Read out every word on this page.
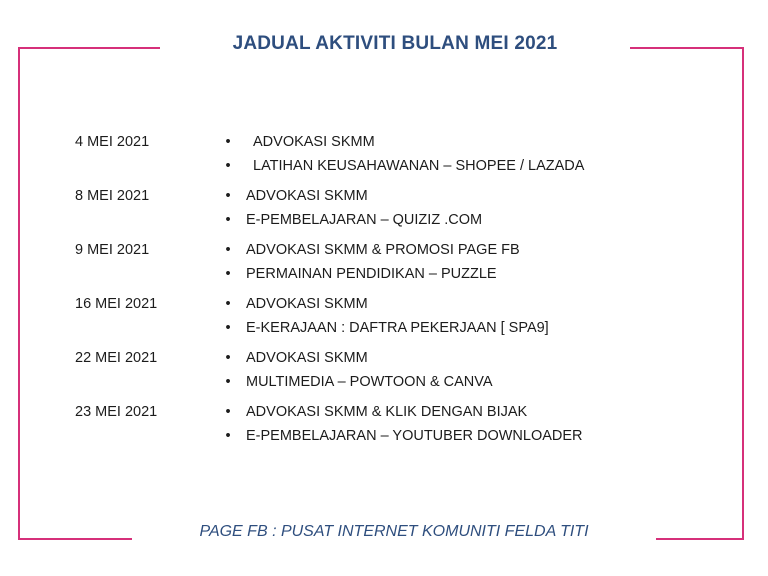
JADUAL AKTIVITI BULAN MEI 2021
4 MEI 2021	• ADVOKASI SKMM
• LATIHAN KEUSAHAWANAN – SHOPEE / LAZADA
8 MEI 2021	• ADVOKASI SKMM
• E-PEMBELAJARAN – QUIZIZ .COM
9 MEI 2021	• ADVOKASI SKMM & PROMOSI PAGE FB
• PERMAINAN PENDIDIKAN – PUZZLE
16 MEI 2021	• ADVOKASI SKMM
• E-KERAJAAN : DAFTRA PEKERJAAN [ SPA9]
22 MEI 2021	• ADVOKASI SKMM
• MULTIMEDIA – POWTOON & CANVA
23 MEI 2021	• ADVOKASI SKMM & KLIK DENGAN BIJAK
• E-PEMBELAJARAN – YOUTUBER DOWNLOADER
PAGE FB : PUSAT INTERNET KOMUNITI FELDA TITI
